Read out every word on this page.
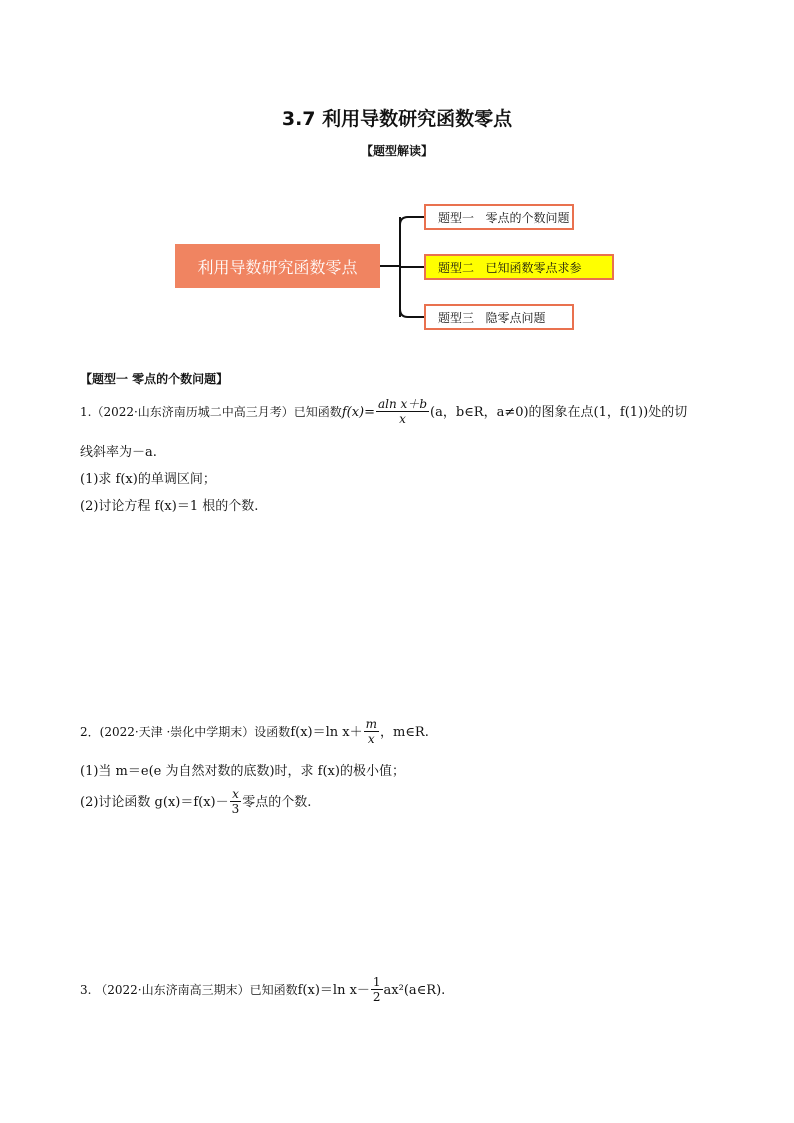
3.7 利用导数研究函数零点
【题型解读】
利用导数研究函数零点
题型一   零点的个数问题
题型二   已知函数零点求参
题型三   隐零点问题
【题型一 零点的个数问题】
1.（2022·山东济南历城二中高三月考）已知函数$f(x)= \frac{\text{aln x＋b}}{x} (a$，b∈R，a≠0)的图象在点(1，f(1))处的切
线斜率为－a.
(1)求 f(x)的单调区间；
(2)讨论方程 f(x)＝1 根的个数.
2．(2022·天津 ·崇化中学期末）设函数f(x)＝ln $x+ \frac{m}{x}$ ，m∈R.
(1)当 m＝e(e 为自然对数的底数)时，求 f(x)的极小值；
(2)讨论函数 $g(x)=f(x)- \frac{x}{3}$ 零点的个数.
3. （2022·山东济南高三期末）已知函数f(x)＝ln $x- \frac{1}{2}$ ax²(a∈R).
